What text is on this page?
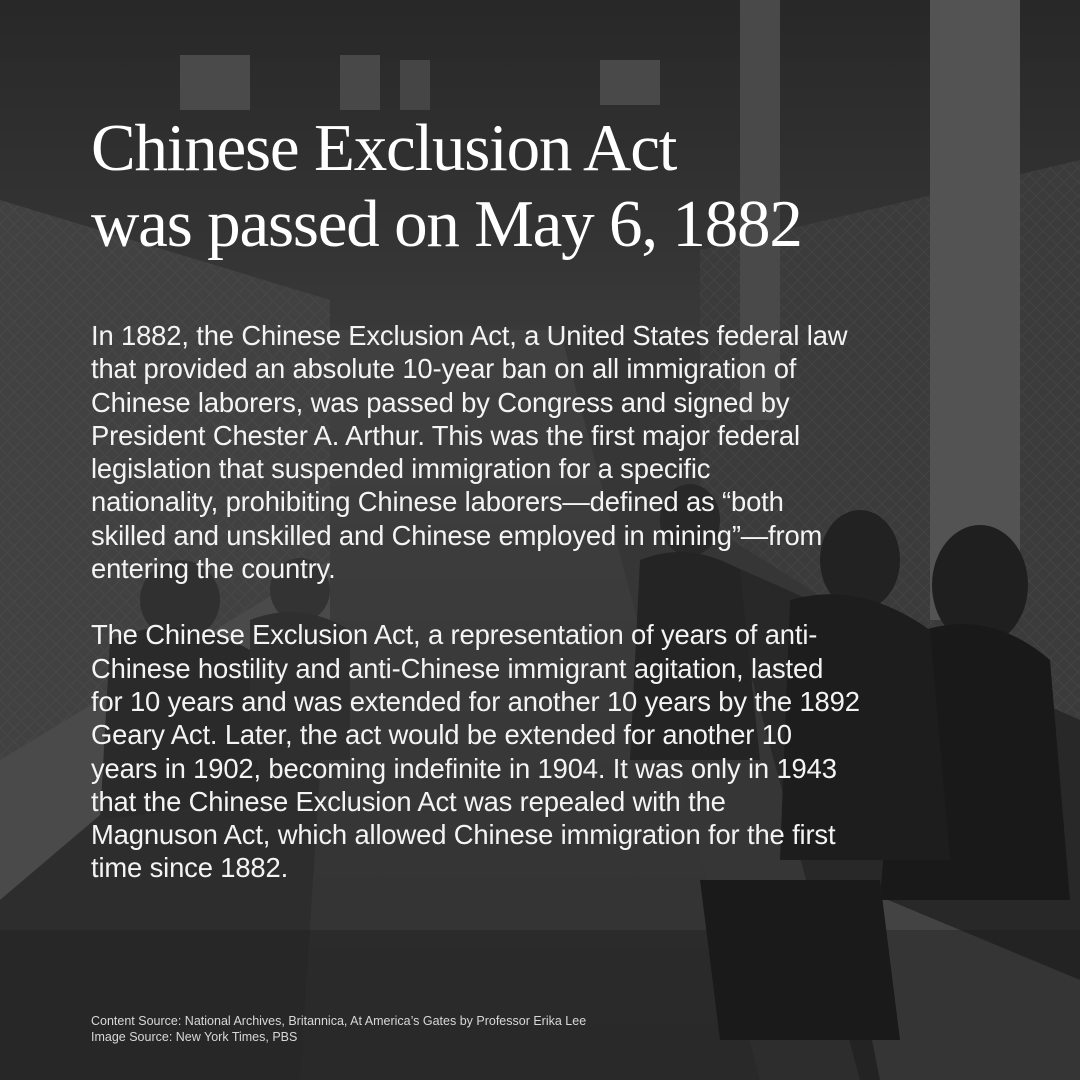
Chinese Exclusion Act
was passed on May 6, 1882

In 1882, the Chinese Exclusion Act, a United States federal law
that provided an absolute 10-year ban on all immigration of
Chinese laborers, was passed by Congress and signed by
President Chester A. Arthur. This was the first major federal
legislation that suspended immigration for a specific
nationality, prohibiting Chinese laborers—defined as “both
skilled and unskilled and Chinese employed in mining”—from
entering the country.

The Chinese Exclusion Act, a representation of years of anti-
Chinese hostility and anti-Chinese immigrant agitation, lasted
for 10 years and was extended for another 10 years by the 1892
Geary Act. Later, the act would be extended for another 10
years in 1902, becoming indefinite in 1904. It was only in 1943
that the Chinese Exclusion Act was repealed with the
Magnuson Act, which allowed Chinese immigration for the first
time since 1882.

Content Source: National Archives, Britannica, At America’s Gates by Professor Erika Lee
Image Source: New York Times, PBS
